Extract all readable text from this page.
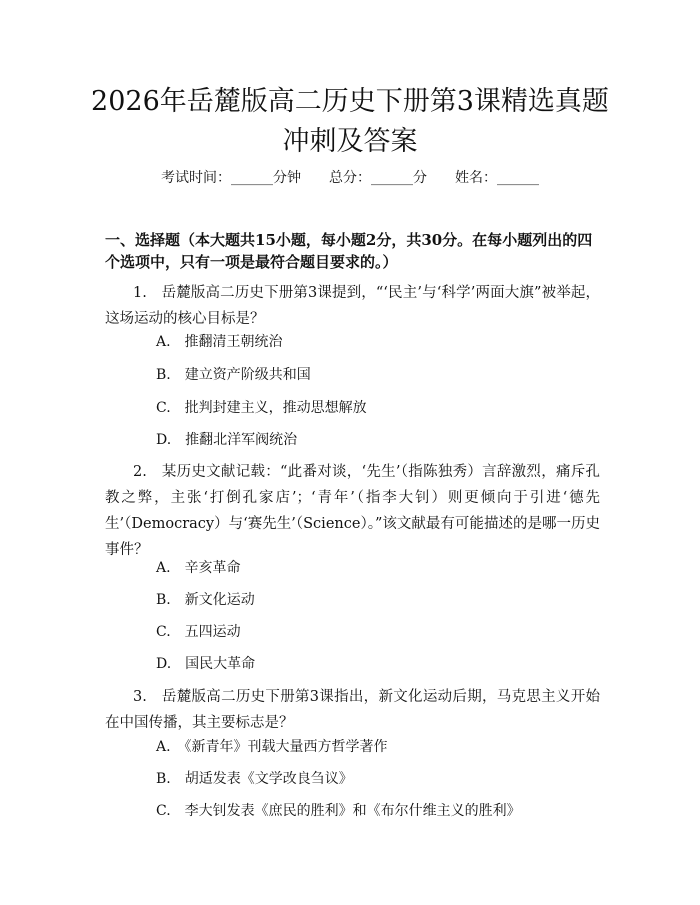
2026年岳麓版高二历史下册第3课精选真题
冲刺及答案
考试时间：______分钟 总分：______分 姓名：______
一、选择题（本大题共15小题，每小题2分，共30分。在每小题列出的四个选项中，只有一项是最符合题目要求的。）
1.　岳麓版高二历史下册第3课提到，“‘民主’与‘科学’两面大旗”被举起，这场运动的核心目标是？
A.　推翻清王朝统治
B.　建立资产阶级共和国
C.　批判封建主义，推动思想解放
D.　推翻北洋军阀统治
2.　某历史文献记载：“此番对谈，‘先生’（指陈独秀）言辞激烈，痛斥孔教之弊，主张‘打倒孔家店’；‘青年’（指李大钊）则更倾向于引进‘德先生’（Democracy）与‘赛先生’（Science）。”该文献最有可能描述的是哪一历史事件？
A.　辛亥革命
B.　新文化运动
C.　五四运动
D.　国民大革命
3.　岳麓版高二历史下册第3课指出，新文化运动后期，马克思主义开始在中国传播，其主要标志是？
A.　《新青年》刊载大量西方哲学著作
B.　胡适发表《文学改良刍议》
C.　李大钊发表《庶民的胜利》和《布尔什维主义的胜利》
